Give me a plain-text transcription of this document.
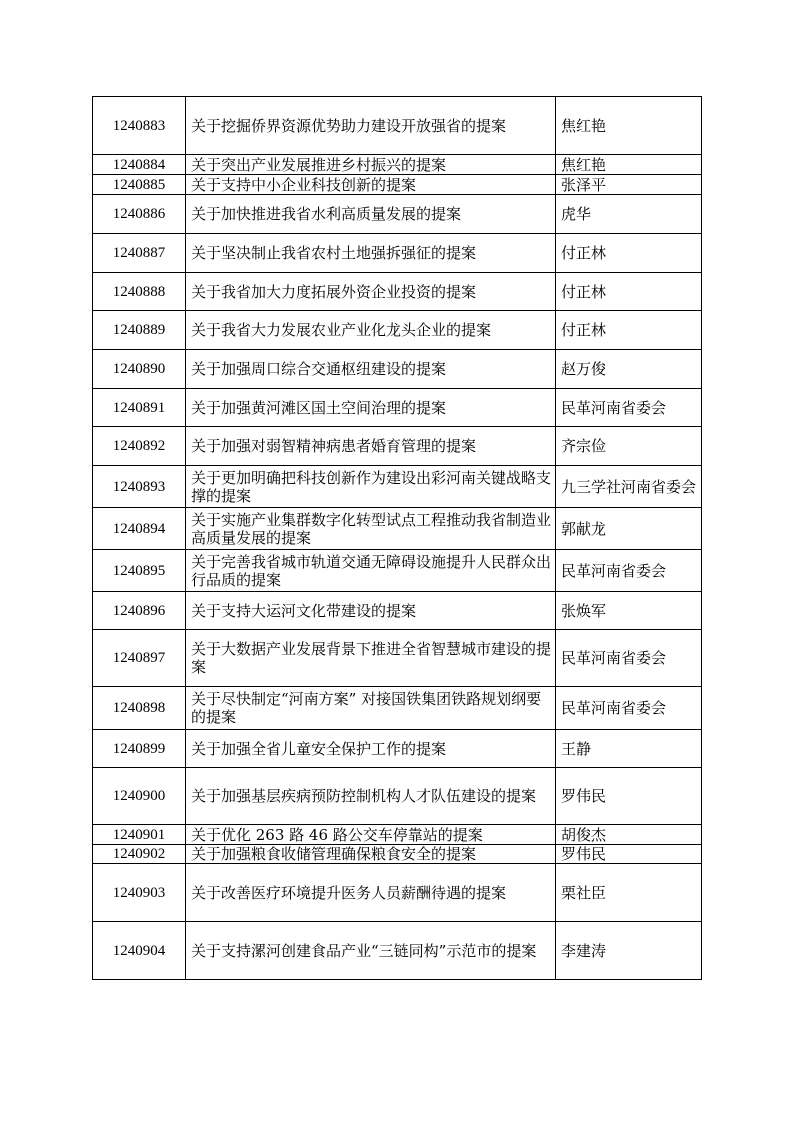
1240883	关于挖掘侨界资源优势助力建设开放强省的提案	焦红艳
1240884	关于突出产业发展推进乡村振兴的提案	焦红艳
1240885	关于支持中小企业科技创新的提案	张泽平
1240886	关于加快推进我省水利高质量发展的提案	虎华
1240887	关于坚决制止我省农村土地强拆强征的提案	付正林
1240888	关于我省加大力度拓展外资企业投资的提案	付正林
1240889	关于我省大力发展农业产业化龙头企业的提案	付正林
1240890	关于加强周口综合交通枢纽建设的提案	赵万俊
1240891	关于加强黄河滩区国土空间治理的提案	民革河南省委会
1240892	关于加强对弱智精神病患者婚育管理的提案	齐宗俭
1240893	关于更加明确把科技创新作为建设出彩河南关键战略支撑的提案	九三学社河南省委会
1240894	关于实施产业集群数字化转型试点工程推动我省制造业高质量发展的提案	郭献龙
1240895	关于完善我省城市轨道交通无障碍设施提升人民群众出行品质的提案	民革河南省委会
1240896	关于支持大运河文化带建设的提案	张焕军
1240897	关于大数据产业发展背景下推进全省智慧城市建设的提案	民革河南省委会
1240898	关于尽快制定“河南方案” 对接国铁集团铁路规划纲要的提案	民革河南省委会
1240899	关于加强全省儿童安全保护工作的提案	王静
1240900	关于加强基层疾病预防控制机构人才队伍建设的提案	罗伟民
1240901	关于优化 263 路 46 路公交车停靠站的提案	胡俊杰
1240902	关于加强粮食收储管理确保粮食安全的提案	罗伟民
1240903	关于改善医疗环境提升医务人员薪酬待遇的提案	栗社臣
1240904	关于支持漯河创建食品产业“三链同构”示范市的提案	李建涛
